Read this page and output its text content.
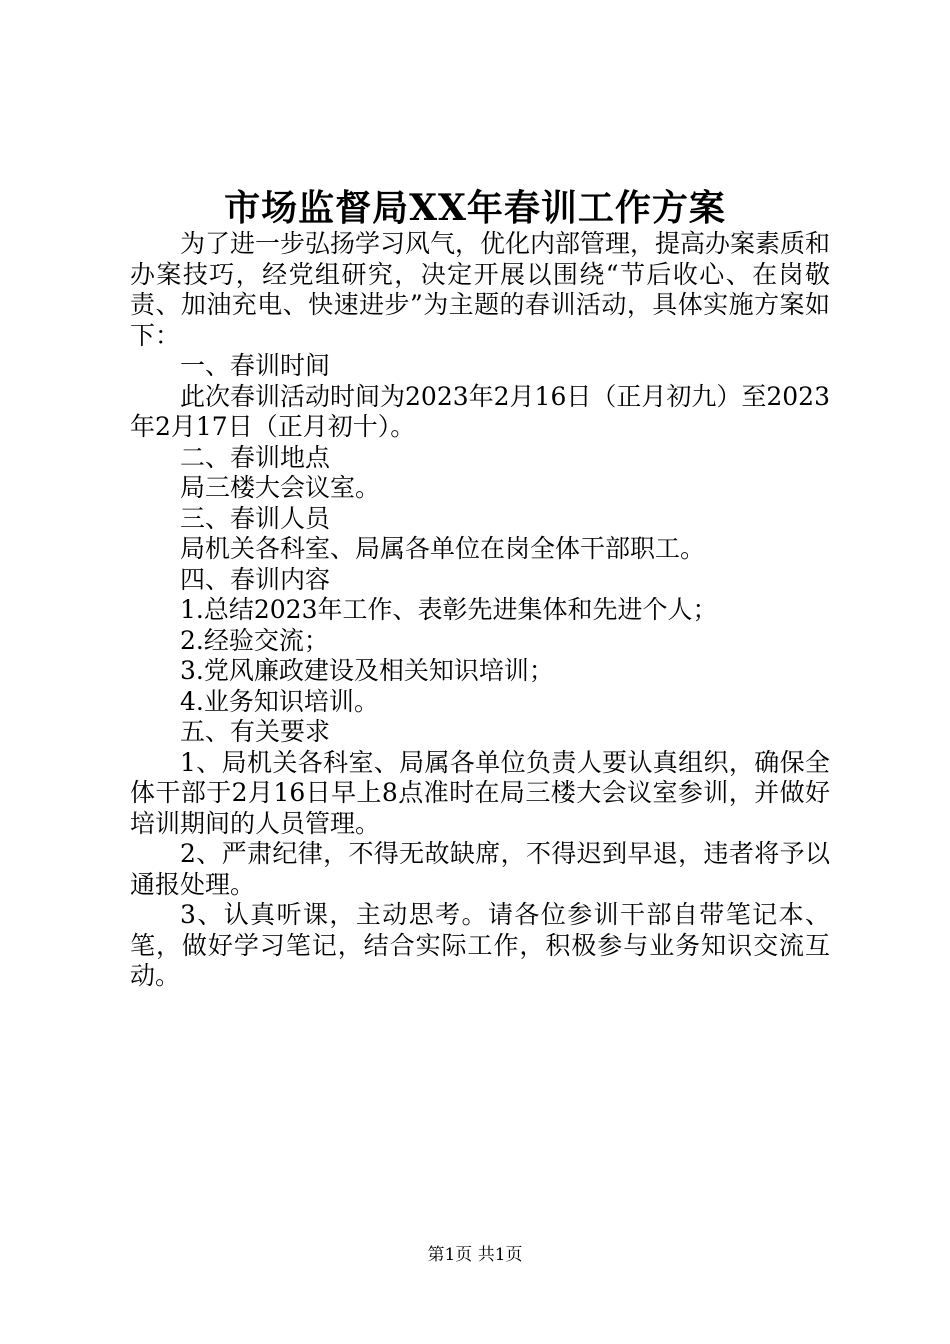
市场监督局XX年春训工作方案

为了进一步弘扬学习风气，优化内部管理，提高办案素质和办案技巧，经党组研究，决定开展以围绕“节后收心、在岗敬责、加油充电、快速进步”为主题的春训活动，具体实施方案如下：

一、春训时间

此次春训活动时间为2023年2月16日（正月初九）至2023年2月17日（正月初十）。

二、春训地点

局三楼大会议室。

三、春训人员

局机关各科室、局属各单位在岗全体干部职工。

四、春训内容

1.总结2023年工作、表彰先进集体和先进个人；

2.经验交流；

3.党风廉政建设及相关知识培训；

4.业务知识培训。

五、有关要求

1、局机关各科室、局属各单位负责人要认真组织，确保全体干部于2月16日早上8点准时在局三楼大会议室参训，并做好培训期间的人员管理。

2、严肃纪律，不得无故缺席，不得迟到早退，违者将予以通报处理。

3、认真听课，主动思考。请各位参训干部自带笔记本、笔，做好学习笔记，结合实际工作，积极参与业务知识交流互动。

第1页 共1页
